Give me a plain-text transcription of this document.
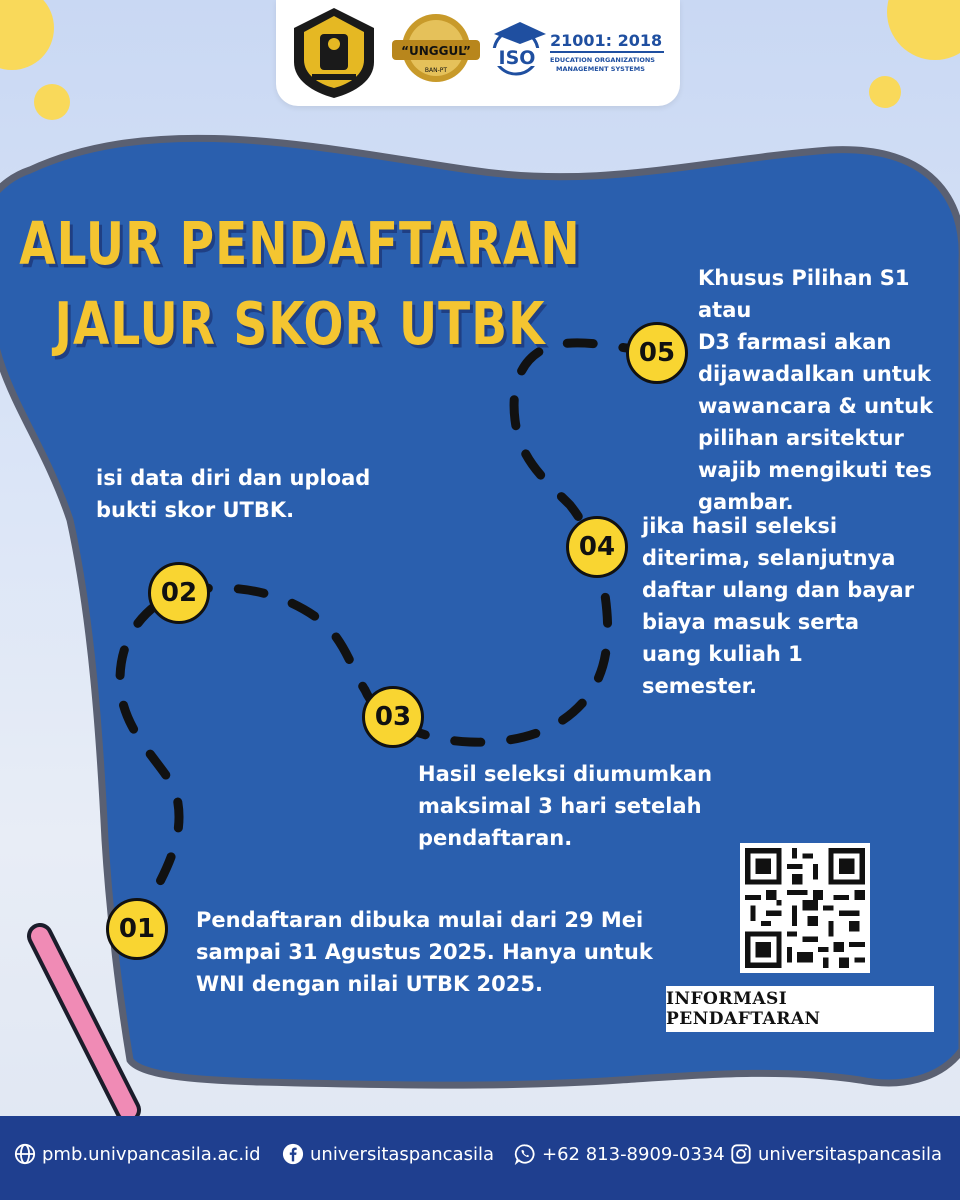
“UNGGUL”
BAN-PT
ISO
21001: 2018
EDUCATION ORGANIZATIONS
MANAGEMENT SYSTEMS
ALUR PENDAFTARAN
JALUR SKOR UTBK
Pendaftaran dibuka mulai dari 29 Mei
sampai 31 Agustus 2025. Hanya untuk
WNI dengan nilai UTBK 2025.
isi data diri dan upload
bukti skor UTBK.
Hasil seleksi diumumkan
maksimal 3 hari setelah
pendaftaran.
jika hasil seleksi
diterima, selanjutnya
daftar ulang dan bayar
biaya masuk serta
uang kuliah 1
semester.
Khusus Pilihan S1 atau
D3 farmasi akan
dijawadalkan untuk
wawancara & untuk
pilihan arsitektur
wajib mengikuti tes
gambar.
01
02
03
04
05
INFORMASI PENDAFTARAN
pmb.univpancasila.ac.id	universitaspancasila	+62 813-8909-0334 universitaspancasila
